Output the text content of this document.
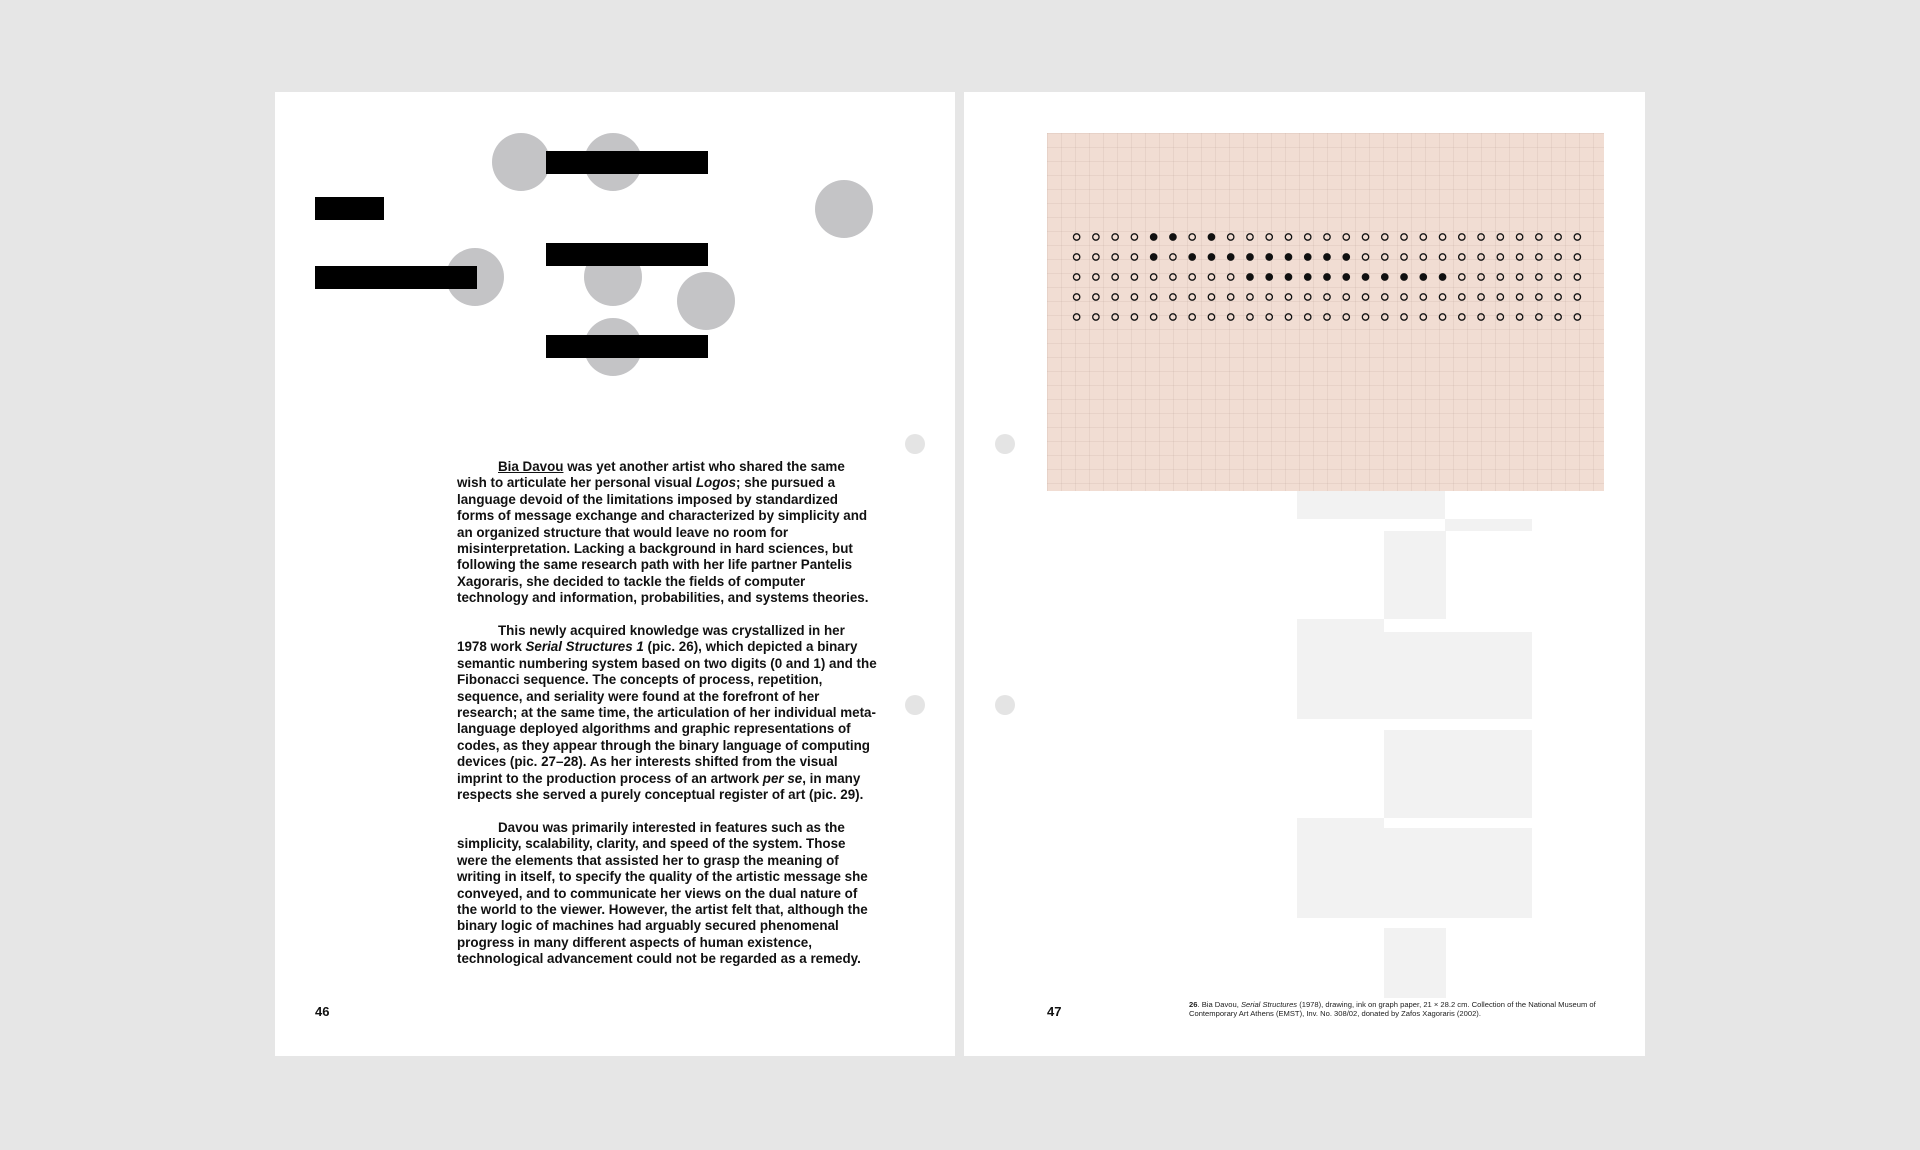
Bia Davou was yet another artist who shared the same wish to articulate her personal visual Logos; she pursued a language devoid of the limitations imposed by standardized forms of message exchange and characterized by simplicity and an organized structure that would leave no room for misinterpretation. Lacking a background in hard sciences, but following the same research path with her life partner Pantelis Xagoraris, she decided to tackle the fields of computer technology and information, probabilities, and systems theories.

This newly acquired knowledge was crystallized in her 1978 work Serial Structures 1 (pic. 26), which depicted a binary semantic numbering system based on two digits (0 and 1) and the Fibonacci sequence. The concepts of process, repetition, sequence, and seriality were found at the forefront of her research; at the same time, the articulation of her individual meta-language deployed algorithms and graphic representations of codes, as they appear through the binary language of computing devices (pic. 27–28). As her interests shifted from the visual imprint to the production process of an artwork per se, in many respects she served a purely conceptual register of art (pic. 29).

Davou was primarily interested in features such as the simplicity, scalability, clarity, and speed of the system. Those were the elements that assisted her to grasp the meaning of writing in itself, to specify the quality of the artistic message she conveyed, and to communicate her views on the dual nature of the world to the viewer. However, the artist felt that, although the binary logic of machines had arguably secured phenomenal progress in many different aspects of human existence, technological advancement could not be regarded as a remedy.

46	26. Bia Davou, Serial Structures (1978), drawing, ink on graph paper, 21 × 28.2 cm. Collection of the National Museum of Contemporary Art Athens (EMST), Inv. No. 308/02, donated by Zafos Xagoraris (2002).
47
